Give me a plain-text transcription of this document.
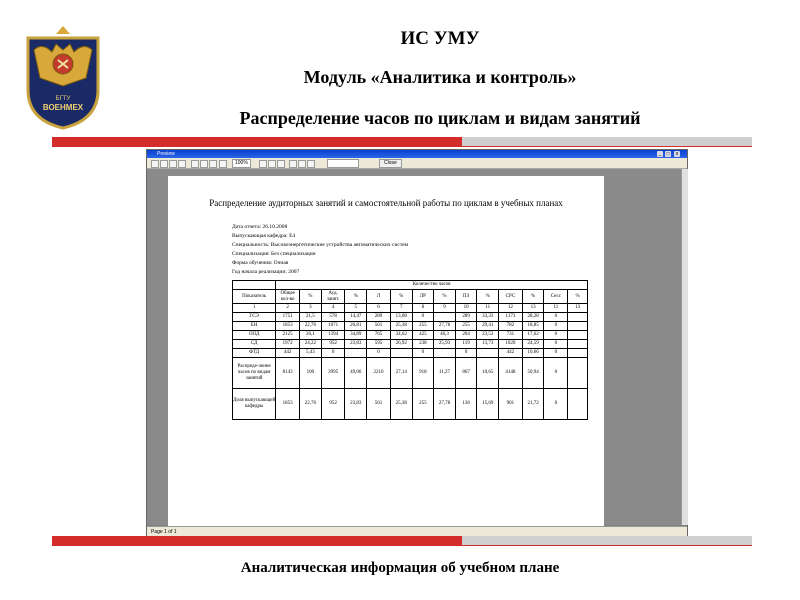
БГТУ
ВОЕНМЕХ
ИС УМУ
Модуль «Аналитика и контроль»
Распределение часов по циклам и видам занятий
Preview	_	□	x
100%	Close
Распределение аудиторных занятий и самостоятельной работы по циклам в учебных планах
Дата отчета: 26.10.2008
Выпускающая кафедра: Е4
Специальность: Высокоэнергетические устройства автоматических систем
Специализация: Без специализации
Форма обучения: Очная
Год начала реализации: 2007
	Количество часов													
Показатель	Общее кол-во	%	Ауд. занят.	%	Л	%	ЛР	%	ПЗ	%	СРС	%	Сесс	%
1	2	3	4	5	6	7	8	9	10	11	12	13	11	13
ГСЭ	1751	21,5	578	14,47	289	13,08	0		289	33,33	1173	28,28	0	
ЕН	1853	22,76	1071	26,81	561	25,38	255	27,78	255	29,41	782	18,85	0	
ОПД	2125	26,1	1394	34,89	765	34,62	425	46,3	204	23,53	731	17,62	0	
СД	1972	24,22	952	23,83	595	26,92	238	25,93	119	13,73	1020	24,59	0	
ФТД	442	5,43	0		0		0		0		442	10,66	0	
Распреде-ление часов по видам занятий	8143	100	3995	49,06	2210	27,14	918	11,27	867	10,65	4148	50,94	0	
Доля выпускающей кафедры	1853	22,76	952	23,83	561	25,38	255	27,78	136	15,69	901	21,72	0	
Page 1 of 1
Аналитическая информация об учебном плане
